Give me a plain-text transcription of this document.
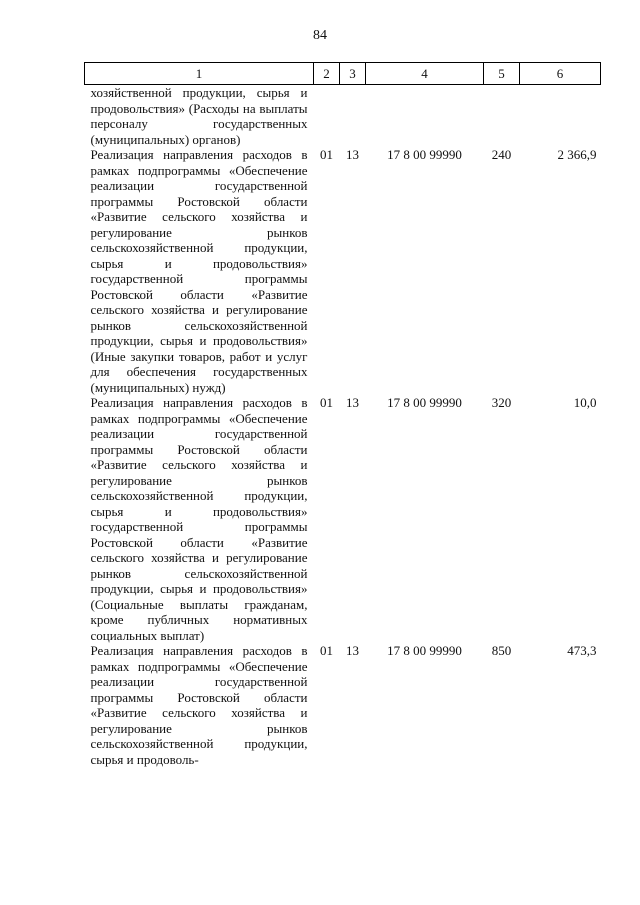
84
1	2	3	4	5	6
хозяйственной продукции, сырья и продовольствия» (Расходы на выплаты персоналу государственных (муниципальных) органов)					
Реализация направления расходов в рамках подпрограммы «Обеспечение реализации государственной программы Ростовской области «Развитие сельского хозяйства и регулирование рынков сельскохозяйственной продукции, сырья и продовольствия» государственной программы Ростовской области «Развитие сельского хозяйства и регулирование рынков сельскохозяйственной продукции, сырья и продовольствия» (Иные закупки товаров, работ и услуг для обеспечения государственных (муниципальных) нужд)	01	13	17 8 00 99990	240	2 366,9
Реализация направления расходов в рамках подпрограммы «Обеспечение реализации государственной программы Ростовской области «Развитие сельского хозяйства и регулирование рынков сельскохозяйственной продукции, сырья и продовольствия» государственной программы Ростовской области «Развитие сельского хозяйства и регулирование рынков сельскохозяйственной продукции, сырья и продовольствия» (Социальные выплаты гражданам, кроме публичных нормативных социальных выплат)	01	13	17 8 00 99990	320	10,0
Реализация направления расходов в рамках подпрограммы «Обеспечение реализации государственной программы Ростовской области «Развитие сельского хозяйства и регулирование рынков сельскохозяйственной продукции, сырья и продоволь-	01	13	17 8 00 99990	850	473,3
